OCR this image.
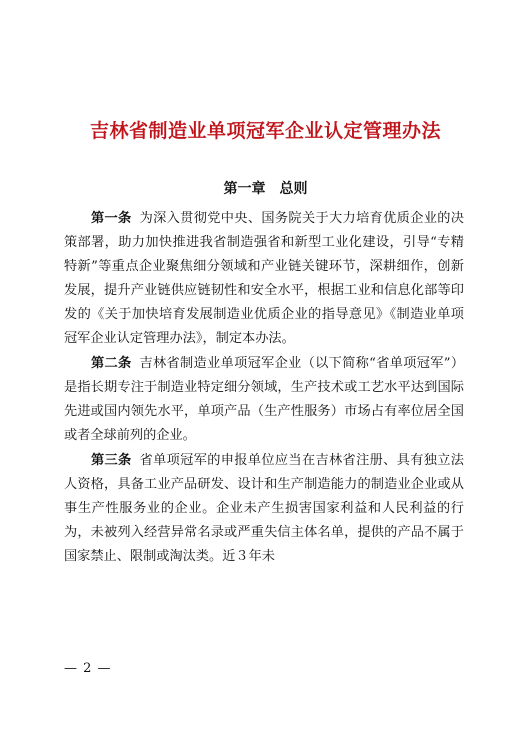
吉林省制造业单项冠军企业认定管理办法
第一章　总则

第一条 为深入贯彻党中央、国务院关于大力培育优质企业的决策部署，助力加快推进我省制造强省和新型工业化建设，引导“专精特新”等重点企业聚焦细分领域和产业链关键环节，深耕细作，创新发展，提升产业链供应链韧性和安全水平，根据工业和信息化部等印发的《关于加快培育发展制造业优质企业的指导意见》《制造业单项冠军企业认定管理办法》，制定本办法。

第二条 吉林省制造业单项冠军企业（以下简称“省单项冠军”）是指长期专注于制造业特定细分领域，生产技术或工艺水平达到国际先进或国内领先水平，单项产品（生产性服务）市场占有率位居全国或者全球前列的企业。

第三条 省单项冠军的申报单位应当在吉林省注册、具有独立法人资格，具备工业产品研发、设计和生产制造能力的制造业企业或从事生产性服务业的企业。企业未产生损害国家利益和人民利益的行为，未被列入经营异常名录或严重失信主体名单，提供的产品不属于国家禁止、限制或淘汰类。近３年未

— 2 —
